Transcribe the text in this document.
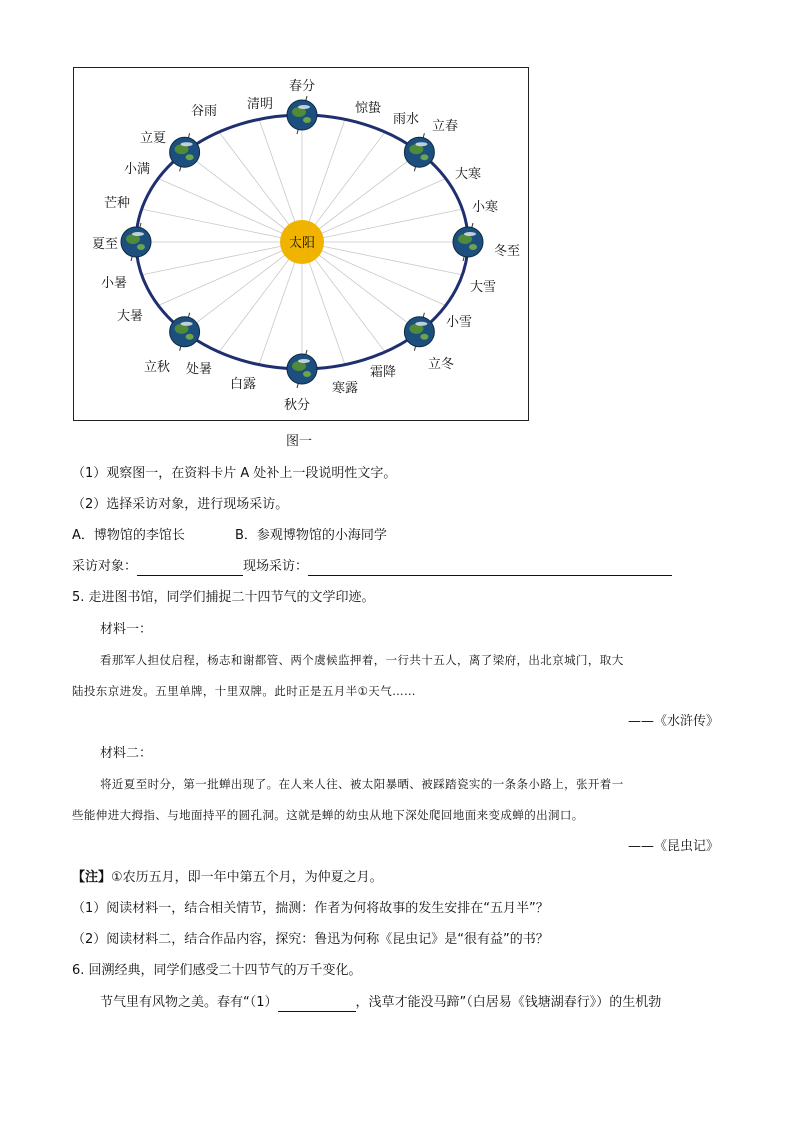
太阳
春分
惊蛰
雨水 立春
大寒
小寒
冬至
大雪
小雪
立冬
霜降
寒露
秋分
白露
处暑
立秋
大暑
小暑
夏至
芒种
小满
立夏
谷雨 清明
图一
（1）观察图一，在资料卡片 A 处补上一段说明性文字。
（2）选择采访对象，进行现场采访。
A．博物馆的李馆长	B．参观博物馆的小海同学
采访对象：	现场采访：
5. 走进图书馆，同学们捕捉二十四节气的文学印迹。
材料一：
看那军人担仗启程，杨志和谢都管、两个虞候监押着，一行共十五人，离了梁府，出北京城门，取大
陆投东京进发。五里单牌，十里双牌。此时正是五月半①天气……
——《水浒传》
材料二：
将近夏至时分，第一批蝉出现了。在人来人往、被太阳暴晒、被踩踏瓷实的一条条小路上，张开着一
些能伸进大拇指、与地面持平的圆孔洞。这就是蝉的幼虫从地下深处爬回地面来变成蝉的出洞口。
——《昆虫记》
【注】①农历五月，即一年中第五个月，为仲夏之月。
（1）阅读材料一，结合相关情节，揣测：作者为何将故事的发生安排在“五月半”？
（2）阅读材料二，结合作品内容，探究：鲁迅为何称《昆虫记》是“很有益”的书？
6. 回溯经典，同学们感受二十四节气的万千变化。
节气里有风物之美。春有“（1）	，浅草才能没马蹄”（白居易《钱塘湖春行》）的生机勃
